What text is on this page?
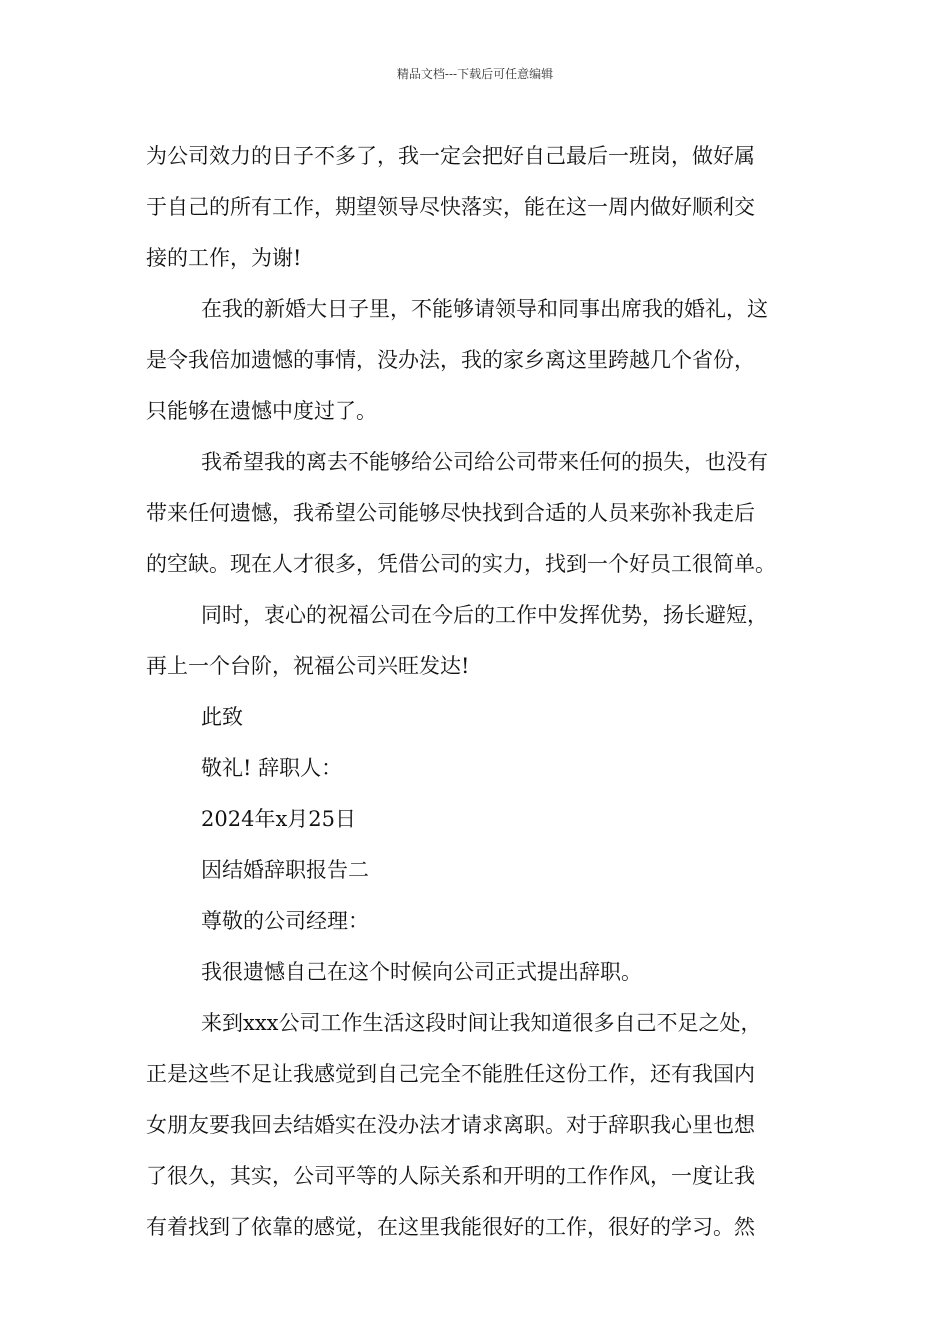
精品文档---下载后可任意编辑
为公司效力的日子不多了，我一定会把好自己最后一班岗，做好属
于自己的所有工作，期望领导尽快落实，能在这一周内做好顺利交
接的工作，为谢!
在我的新婚大日子里，不能够请领导和同事出席我的婚礼，这
是令我倍加遗憾的事情，没办法，我的家乡离这里跨越几个省份，
只能够在遗憾中度过了。
我希望我的离去不能够给公司给公司带来任何的损失，也没有
带来任何遗憾，我希望公司能够尽快找到合适的人员来弥补我走后
的空缺。现在人才很多，凭借公司的实力，找到一个好员工很简单。
同时，衷心的祝福公司在今后的工作中发挥优势，扬长避短，
再上一个台阶，祝福公司兴旺发达!
此致
敬礼! 辞职人：
2024年x月25日
因结婚辞职报告二
尊敬的公司经理：
我很遗憾自己在这个时候向公司正式提出辞职。
来到xxx公司工作生活这段时间让我知道很多自己不足之处，
正是这些不足让我感觉到自己完全不能胜任这份工作，还有我国内
女朋友要我回去结婚实在没办法才请求离职。对于辞职我心里也想
了很久，其实，公司平等的人际关系和开明的工作作风，一度让我
有着找到了依靠的感觉，在这里我能很好的工作，很好的学习。然
